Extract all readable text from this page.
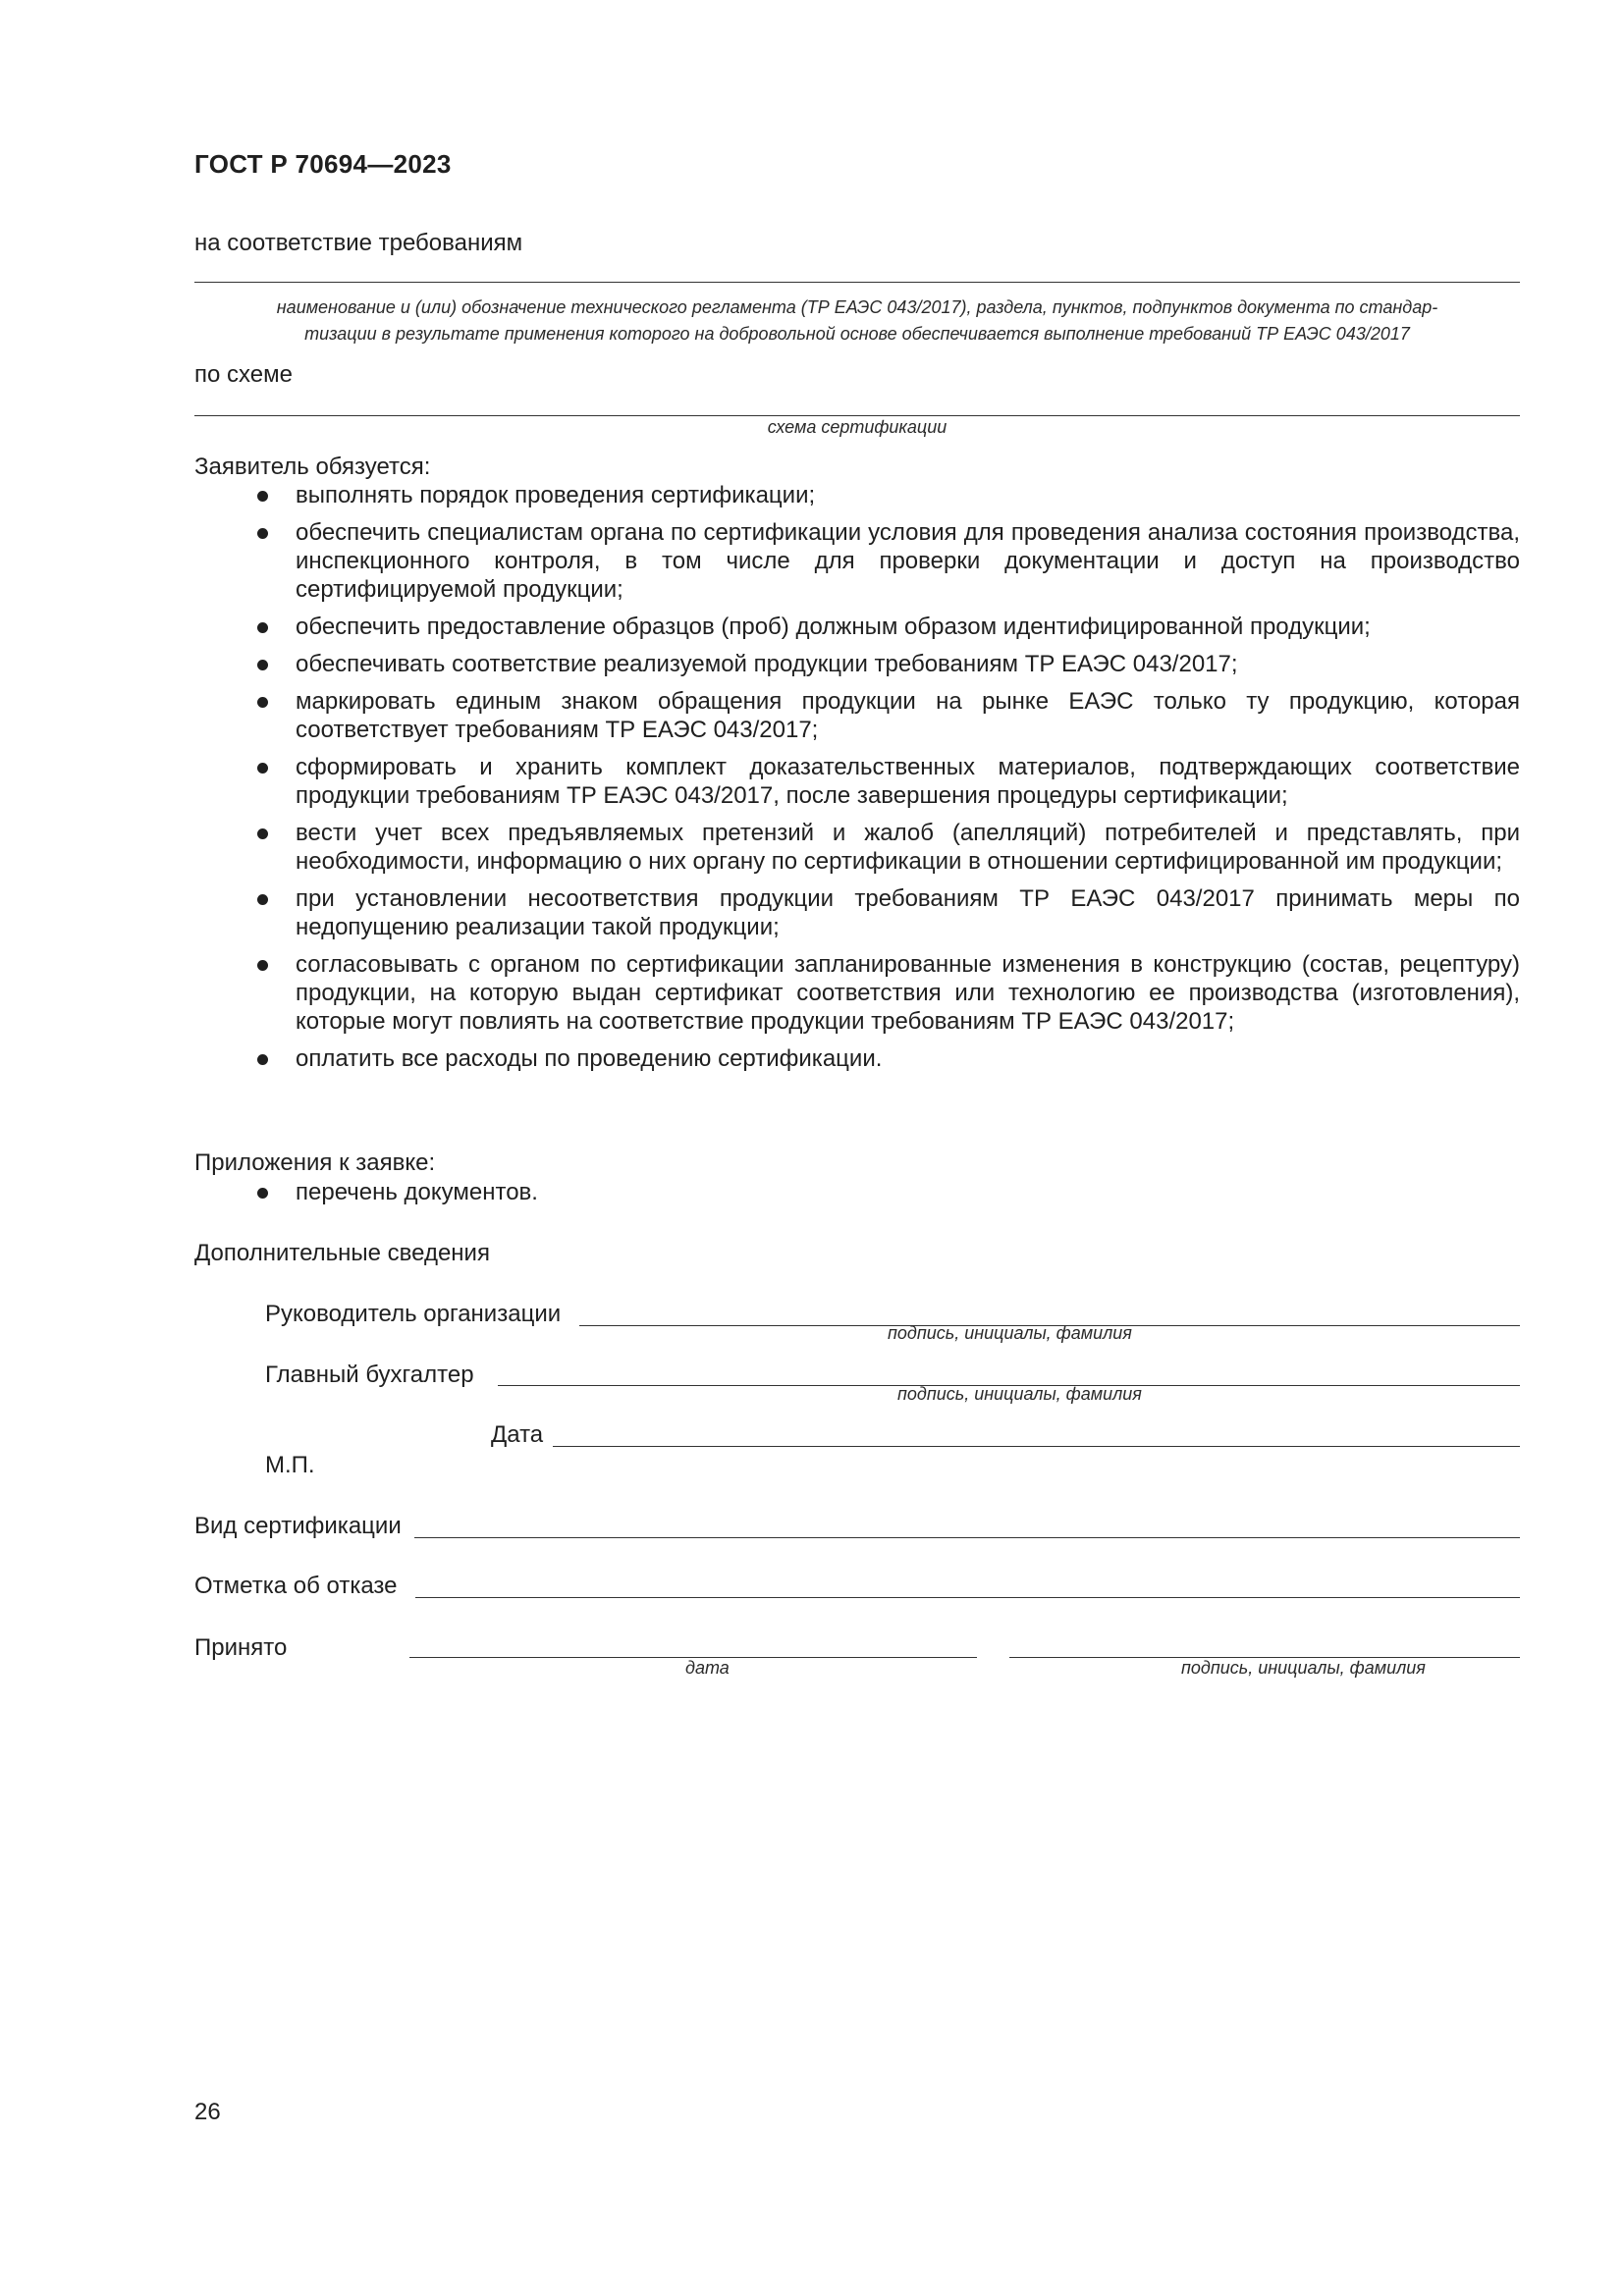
ГОСТ Р 70694—2023
на соответствие требованиям
наименование и (или) обозначение технического регламента (ТР ЕАЭС 043/2017), раздела, пунктов, подпунктов документа по стандар-
тизации в результате применения которого на добровольной основе обеспечивается выполнение требований ТР ЕАЭС 043/2017
по схеме
схема сертификации
Заявитель обязуется:
выполнять порядок проведения сертификации;
обеспечить специалистам органа по сертификации условия для проведения анализа состояния производства, инспекционного контроля, в том числе для проверки документации и доступ на производство сертифицируемой продукции;
обеспечить предоставление образцов (проб) должным образом идентифицированной продукции;
обеспечивать соответствие реализуемой продукции требованиям ТР ЕАЭС 043/2017;
маркировать единым знаком обращения продукции на рынке ЕАЭС только ту продукцию, которая соответствует требованиям ТР ЕАЭС 043/2017;
сформировать и хранить комплект доказательственных материалов, подтверждающих соответствие продукции требованиям ТР ЕАЭС 043/2017, после завершения процедуры сертификации;
вести учет всех предъявляемых претензий и жалоб (апелляций) потребителей и представлять, при необходимости, информацию о них органу по сертификации в отношении сертифицированной им продукции;
при установлении несоответствия продукции требованиям ТР ЕАЭС 043/2017 принимать меры по недопущению реализации такой продукции;
согласовывать с органом по сертификации запланированные изменения в конструкцию (состав, рецептуру) продукции, на которую выдан сертификат соответствия или технологию ее производства (изготовления), которые могут повлиять на соответствие продукции требованиям ТР ЕАЭС 043/2017;
оплатить все расходы по проведению сертификации.
Приложения к заявке:
перечень документов.
Дополнительные сведения
Руководитель организации
подпись, инициалы, фамилия
Главный бухгалтер
подпись, инициалы, фамилия
Дата
М.П.
Вид сертификации
Отметка об отказе
Принято
дата	подпись, инициалы, фамилия
26
